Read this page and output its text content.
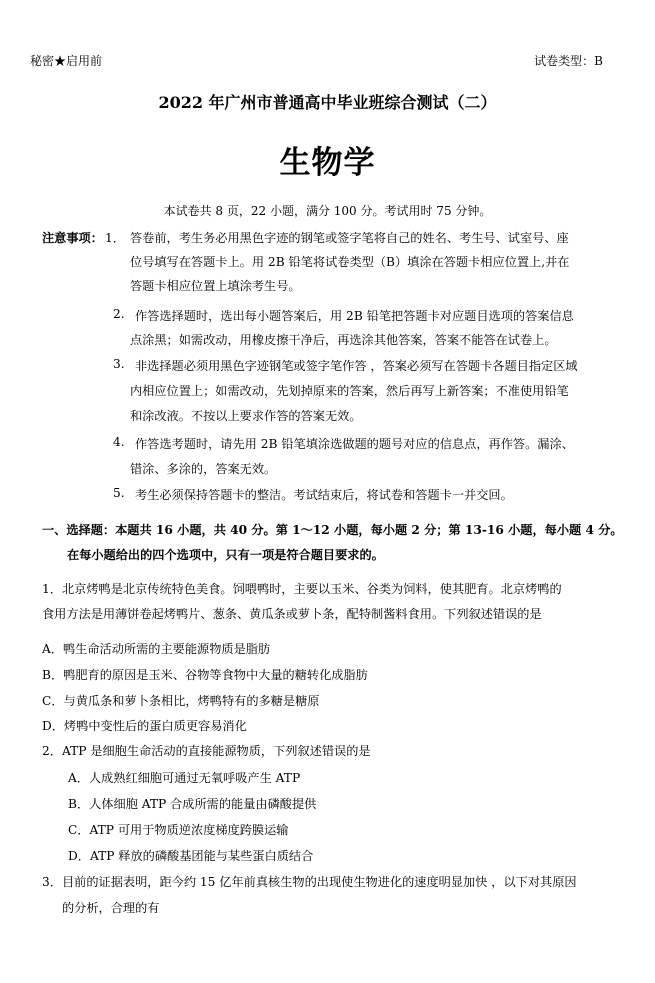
秘密★启用前	试卷类型：B
2022 年广州市普通高中毕业班综合测试（二）
生物学
本试卷共 8 页，22 小题，满分 100 分。考试用时 75 分钟。
注意事项： 1． 答卷前，考生务必用黑色字迹的钢笔或签字笔将自己的姓名、考生号、试室号、座
位号填写在答题卡上。用 2B 铅笔将试卷类型（B）填涂在答题卡相应位置上,并在
答题卡相应位置上填涂考生号。
2. 作答选择题时，选出每小题答案后，用 2B 铅笔把答题卡对应题目选项的答案信息
点涂黑；如需改动，用橡皮擦干净后，再选涂其他答案，答案不能答在试卷上。
3. 非选择题必须用黑色字迹钢笔或签字笔作答 ，答案必须写在答题卡各题目指定区域
内相应位置上；如需改动，先划掉原来的答案，然后再写上新答案；不准使用铅笔
和涂改液。不按以上要求作答的答案无效。
4. 作答选考题时，请先用 2B 铅笔填涂选做题的题号对应的信息点，再作答。漏涂、
错涂、多涂的，答案无效。
5. 考生必须保持答题卡的整洁。考试结束后，将试卷和答题卡一并交回。
一、选择题：本题共 16 小题，共 40 分。第 1～12 小题，每小题 2 分；第 13-16 小题，每小题 4 分。
在每小题给出的四个选项中，只有一项是符合题目要求的。
1．北京烤鸭是北京传统特色美食。饲喂鸭时，主要以玉米、谷类为饲料，使其肥育。北京烤鸭的
食用方法是用薄饼卷起烤鸭片、葱条、黄瓜条或萝卜条，配特制酱料食用。下列叙述错误的是
A．鸭生命活动所需的主要能源物质是脂肪
B．鸭肥育的原因是玉米、谷物等食物中大量的糖转化成脂肪
C．与黄瓜条和萝卜条相比，烤鸭特有的多糖是糖原
D．烤鸭中变性后的蛋白质更容易消化
2．ATP 是细胞生命活动的直接能源物质，下列叙述错误的是
A．人成熟红细胞可通过无氧呼吸产生 ATP
B．人体细胞 ATP 合成所需的能量由磷酸提供
C．ATP 可用于物质逆浓度梯度跨膜运输
D．ATP 释放的磷酸基团能与某些蛋白质结合
3．目前的证据表明，距今约 15 亿年前真核生物的出现使生物进化的速度明显加快 ，以下对其原因
的分析，合理的有
